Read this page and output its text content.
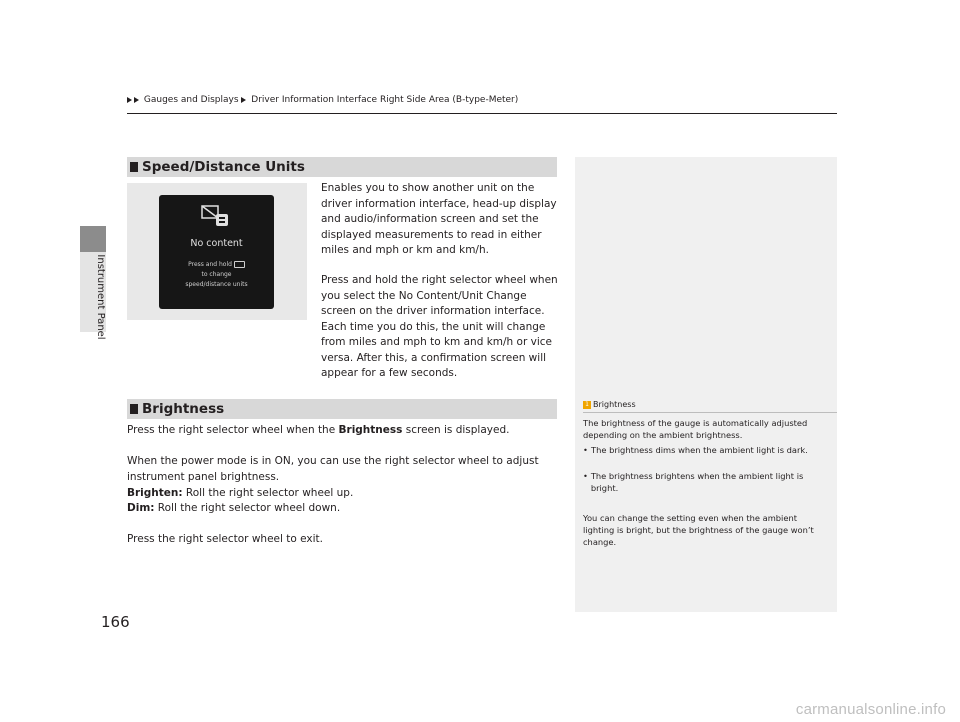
Instrument Panel
Gauges and Displays Driver Information Interface Right Side Area (B-type-Meter)
Speed/Distance Units
No content
Press and hold
to change
speed/distance units
Enables you to show another unit on the driver information interface, head-up display and audio/information screen and set the displayed measurements to read in either miles and mph or km and km/h.
Press and hold the right selector wheel when you select the No Content/Unit Change screen on the driver information interface. Each time you do this, the unit will change from miles and mph to km and km/h or vice versa. After this, a confirmation screen will appear for a few seconds.
Brightness
Press the right selector wheel when the Brightness screen is displayed.
When the power mode is in ON, you can use the right selector wheel to adjust instrument panel brightness.
Brighten: Roll the right selector wheel up.
Dim: Roll the right selector wheel down.
Press the right selector wheel to exit.
1 Brightness
The brightness of the gauge is automatically adjusted depending on the ambient brightness.
• The brightness dims when the ambient light is dark.
• The brightness brightens when the ambient light is bright.
You can change the setting even when the ambient lighting is bright, but the brightness of the gauge won’t change.
166
carmanualsonline.info
